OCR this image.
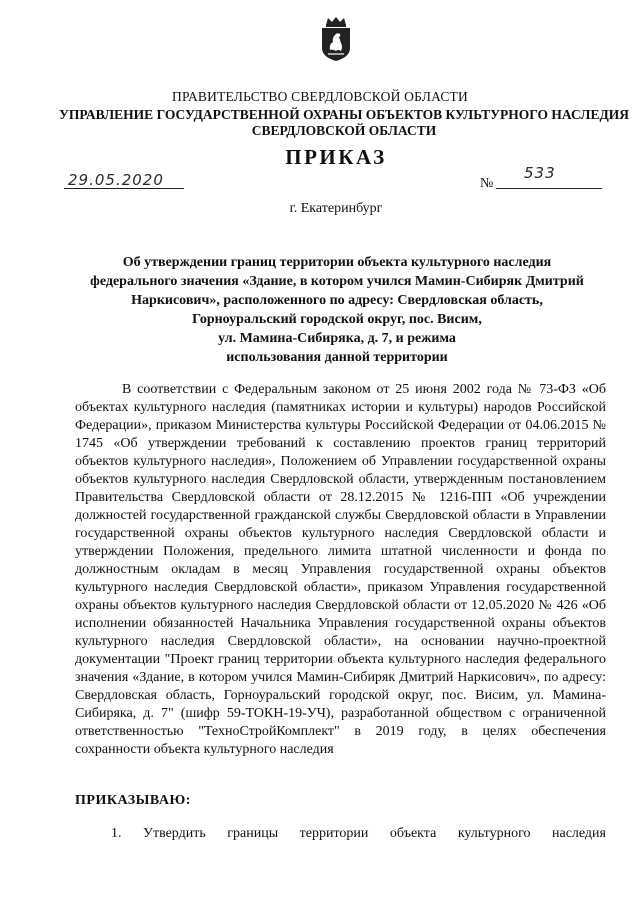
ПРАВИТЕЛЬСТВО СВЕРДЛОВСКОЙ ОБЛАСТИ
УПРАВЛЕНИЕ ГОСУДАРСТВЕННОЙ ОХРАНЫ ОБЪЕКТОВ КУЛЬТУРНОГО НАСЛЕДИЯ
СВЕРДЛОВСКОЙ ОБЛАСТИ
ПРИКАЗ
29.05.2020	№
533
г. Екатеринбург
Об утверждении границ территории объекта культурного наследия
федерального значения «Здание, в котором учился Мамин-Сибиряк Дмитрий
Наркисович», расположенного по адресу: Свердловская область,
Горноуральский городской округ, пос. Висим,
ул. Мамина-Сибиряка, д. 7, и режима
использования данной территории

В соответствии с Федеральным законом от 25 июня 2002 года № 73-ФЗ «Об объектах культурного наследия (памятниках истории и культуры) народов Российской Федерации», приказом Министерства культуры Российской Федерации от 04.06.2015 № 1745 «Об утверждении требований к составлению проектов границ территорий объектов культурного наследия», Положением об Управлении государственной охраны объектов культурного наследия Свердловской области, утвержденным постановлением Правительства Свердловской области от 28.12.2015 № 1216-ПП «Об учреждении должностей государственной гражданской службы Свердловской области в Управлении государственной охраны объектов культурного наследия Свердловской области и утверждении Положения, предельного лимита штатной численности и фонда по должностным окладам в месяц Управления государственной охраны объектов культурного наследия Свердловской области», приказом Управления государственной охраны объектов культурного наследия Свердловской области от 12.05.2020 № 426 «Об исполнении обязанностей Начальника Управления государственной охраны объектов культурного наследия Свердловской области», на основании научно-проектной документации "Проект границ территории объекта культурного наследия федерального значения «Здание, в котором учился Мамин-Сибиряк Дмитрий Наркисович», по адресу: Свердловская область, Горноуральский городской округ, пос. Висим, ул. Мамина-Сибиряка, д. 7" (шифр 59-ТОКН-19-УЧ), разработанной обществом с ограниченной ответственностью "ТехноСтройКомплект" в 2019 году, в целях обеспечения сохранности объекта культурного наследия

ПРИКАЗЫВАЮ:

1. Утвердить границы территории объекта культурного наследия
